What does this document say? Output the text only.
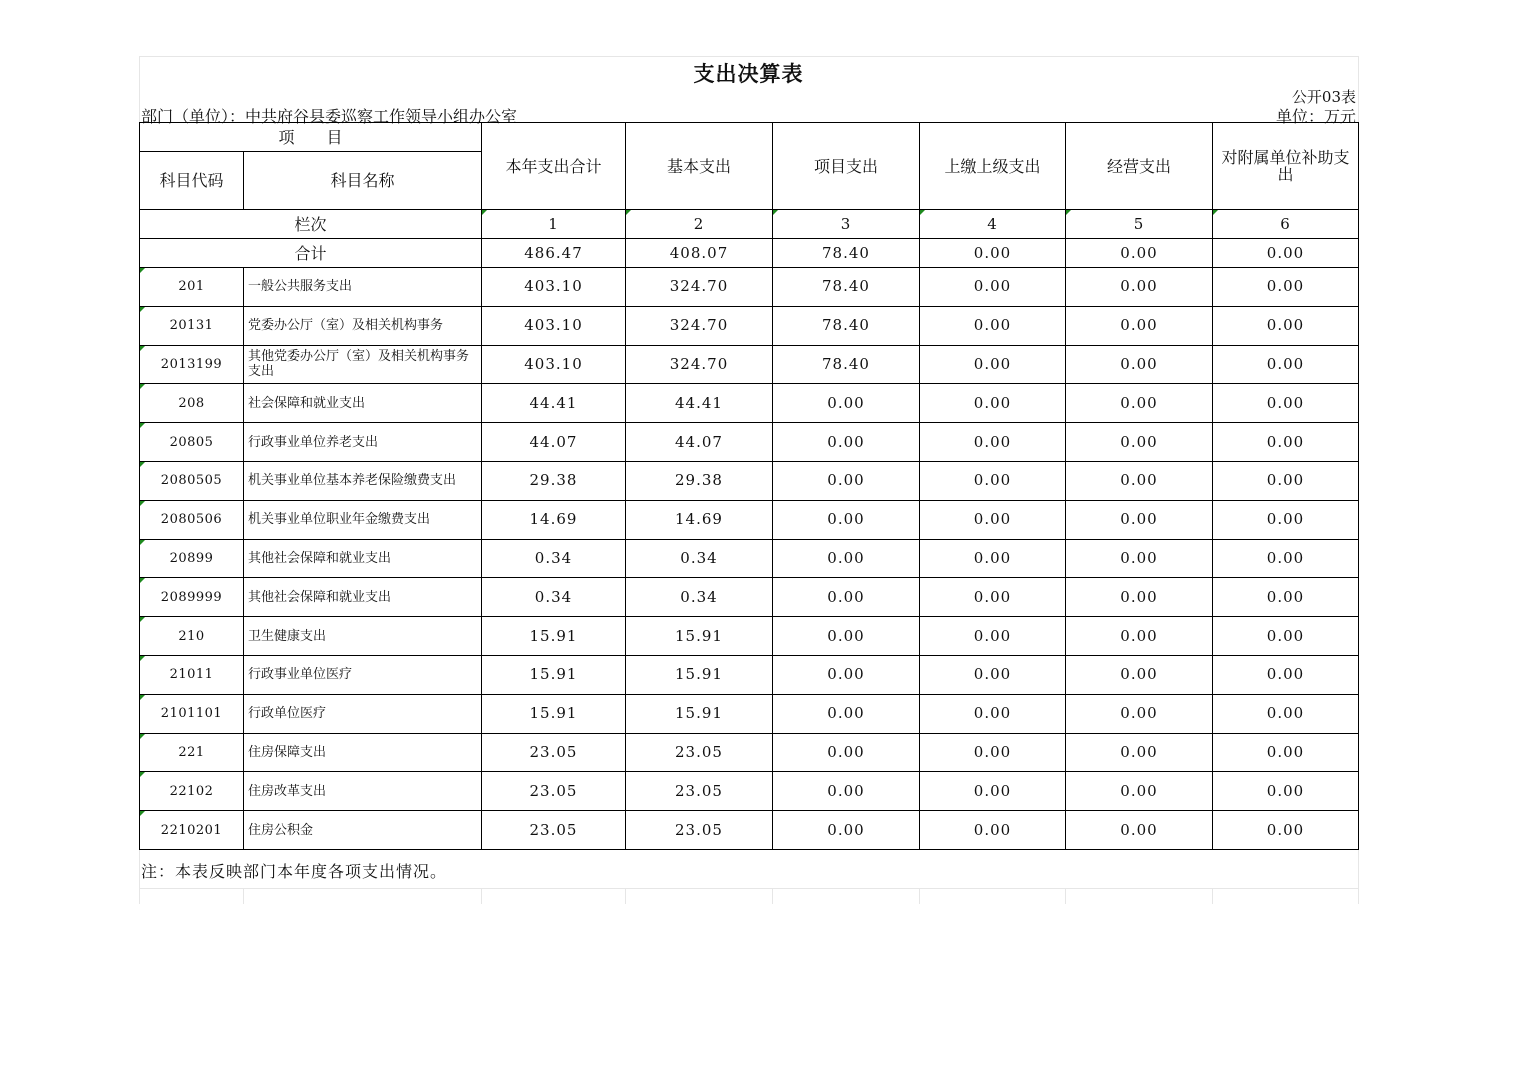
支出决算表
公开03表
部门（单位）：中共府谷县委巡察工作领导小组办公室	单位：万元
项　　目		本年支出合计	基本支出	项目支出	上缴上级支出	经营支出	对附属单位补助支出
科目代码	科目名称						
栏次		1	2	3	4	5	6
合计		486.47	408.07	78.40	0.00	0.00	0.00
201	一般公共服务支出	403.10	324.70	78.40	0.00	0.00	0.00
20131	党委办公厅（室）及相关机构事务	403.10	324.70	78.40	0.00	0.00	0.00
2013199	其他党委办公厅（室）及相关机构事务支出	403.10	324.70	78.40	0.00	0.00	0.00
208	社会保障和就业支出	44.41	44.41	0.00	0.00	0.00	0.00
20805	行政事业单位养老支出	44.07	44.07	0.00	0.00	0.00	0.00
2080505	机关事业单位基本养老保险缴费支出	29.38	29.38	0.00	0.00	0.00	0.00
2080506	机关事业单位职业年金缴费支出	14.69	14.69	0.00	0.00	0.00	0.00
20899	其他社会保障和就业支出	0.34	0.34	0.00	0.00	0.00	0.00
2089999	其他社会保障和就业支出	0.34	0.34	0.00	0.00	0.00	0.00
210	卫生健康支出	15.91	15.91	0.00	0.00	0.00	0.00
21011	行政事业单位医疗	15.91	15.91	0.00	0.00	0.00	0.00
2101101	行政单位医疗	15.91	15.91	0.00	0.00	0.00	0.00
221	住房保障支出	23.05	23.05	0.00	0.00	0.00	0.00
22102	住房改革支出	23.05	23.05	0.00	0.00	0.00	0.00
2210201	住房公积金	23.05	23.05	0.00	0.00	0.00	0.00
注：本表反映部门本年度各项支出情况。
